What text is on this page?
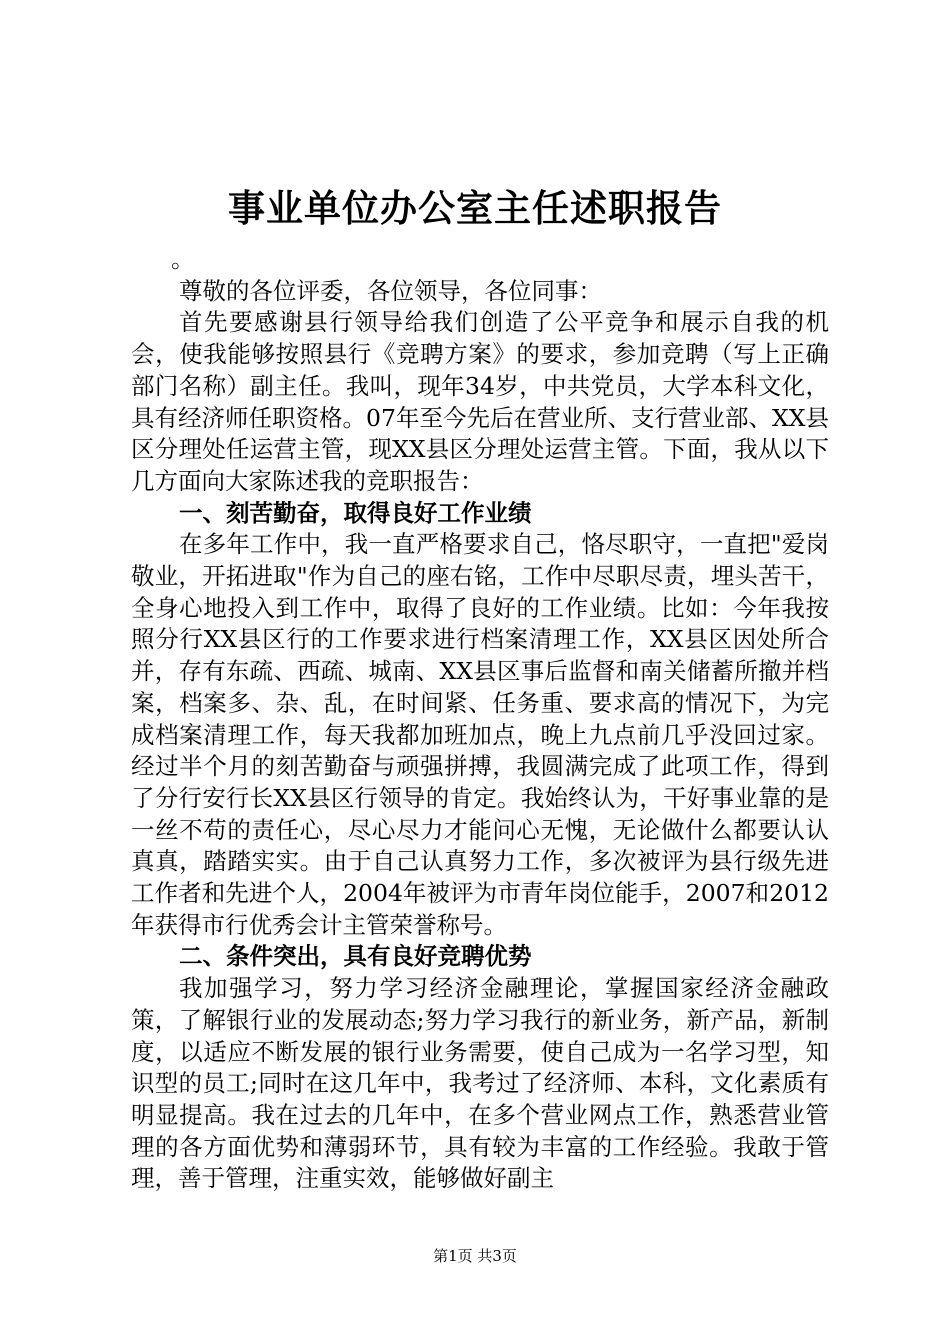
事业单位办公室主任述职报告

。

尊敬的各位评委，各位领导，各位同事：

首先要感谢县行领导给我们创造了公平竞争和展示自我的机会，使我能够按照县行《竞聘方案》的要求，参加竞聘（写上正确部门名称）副主任。我叫，现年34岁，中共党员，大学本科文化，具有经济师任职资格。07年至今先后在营业所、支行营业部、XX县区分理处任运营主管，现XX县区分理处运营主管。下面，我从以下几方面向大家陈述我的竞职报告：

一、刻苦勤奋，取得良好工作业绩

在多年工作中，我一直严格要求自己，恪尽职守，一直把"爱岗敬业，开拓进取"作为自己的座右铭，工作中尽职尽责，埋头苦干，全身心地投入到工作中，取得了良好的工作业绩。比如：今年我按照分行XX县区行的工作要求进行档案清理工作，XX县区因处所合并，存有东疏、西疏、城南、XX县区事后监督和南关储蓄所撤并档案，档案多、杂、乱，在时间紧、任务重、要求高的情况下，为完成档案清理工作，每天我都加班加点，晚上九点前几乎没回过家。经过半个月的刻苦勤奋与顽强拼搏，我圆满完成了此项工作，得到了分行安行长XX县区行领导的肯定。我始终认为，干好事业靠的是一丝不苟的责任心，尽心尽力才能问心无愧，无论做什么都要认认真真，踏踏实实。由于自己认真努力工作，多次被评为县行级先进工作者和先进个人，2004年被评为市青年岗位能手，2007和2012年获得市行优秀会计主管荣誉称号。

二、条件突出，具有良好竞聘优势

我加强学习，努力学习经济金融理论，掌握国家经济金融政策，了解银行业的发展动态;努力学习我行的新业务，新产品，新制度，以适应不断发展的银行业务需要，使自己成为一名学习型，知识型的员工;同时在这几年中，我考过了经济师、本科，文化素质有明显提高。我在过去的几年中，在多个营业网点工作，熟悉营业管理的各方面优势和薄弱环节，具有较为丰富的工作经验。我敢于管理，善于管理，注重实效，能够做好副主

第1页 共3页
